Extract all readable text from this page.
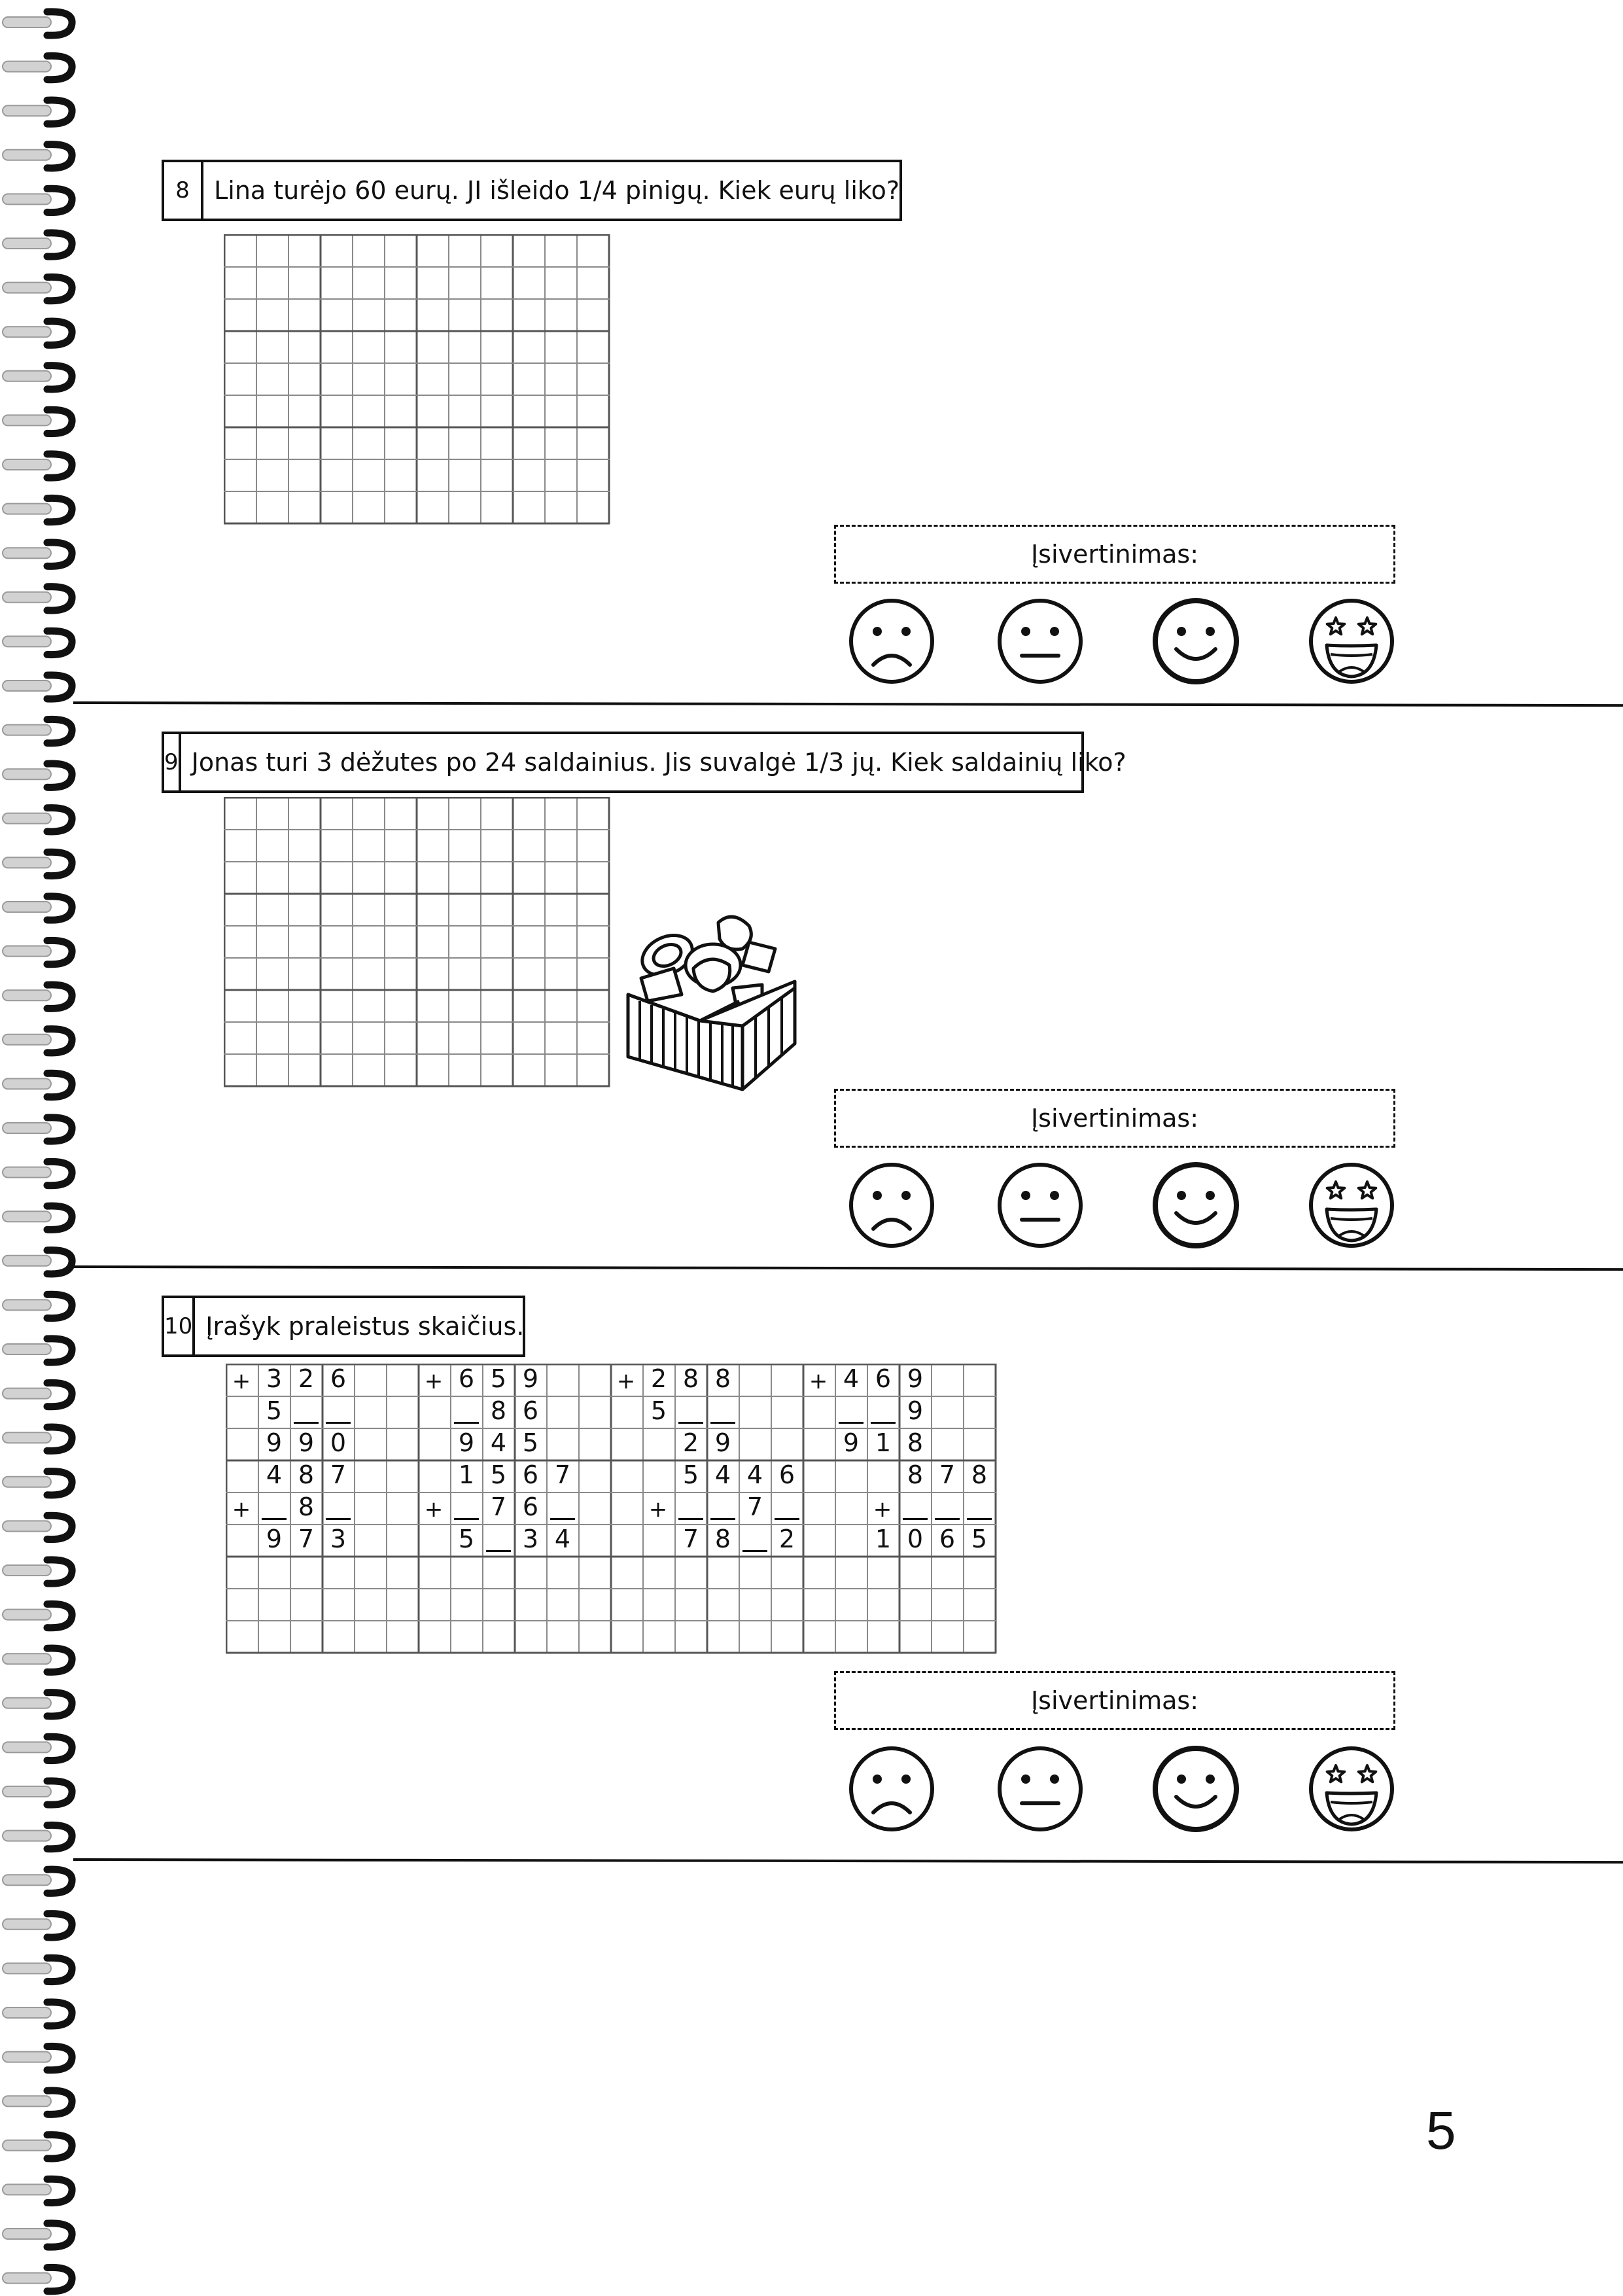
8 Lina turėjo 60 eurų. JI išleido 1/4 pinigų. Kiek eurų liko?
Įsivertinimas:
9 Jonas turi 3 dėžutes po 24 saldainius. Jis suvalgė 1/3 jų. Kiek saldainių liko?
Įsivertinimas:
10 Įrašyk praleistus skaičius.
+ 3 2 6
5
9 9 0
+ 6 5 9
8 6
9 4 5
+ 2 8 8
5
2 9
+ 4 6 9
9
9 1 8
+
4 8 7
8
9 7 3
+
1 5 6 7
7 6
5	3 4
+
5 4 4 6
7
7 8	2
+
8 7 8
1 0 6 5
Įsivertinimas:
5
